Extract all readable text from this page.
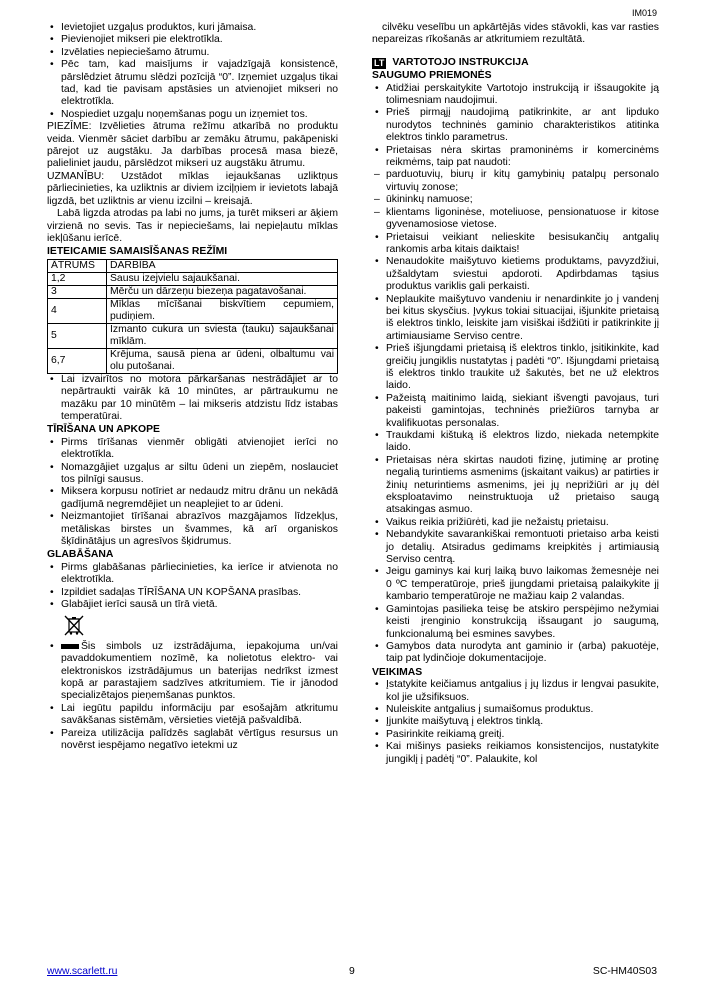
IM019

• Ievietojiet uzgaļus produktos, kuri jāmaisa.

• Pievienojiet mikseri pie elektrotīkla.

• Izvēlaties nepieciešamo ātrumu.

• Pēc tam, kad maisījums ir vajadzīgajā konsistencē, pārslēdziet ātrumu slēdzi pozīcijā “0”. Izņemiet uzgaļus tikai tad, kad tie pavisam apstāsies un atvienojiet mikseri no elektrotīkla.

• Nospiediet uzgaļu noņemšanas pogu un izņemiet tos.

PIEZĪME: Izvēlieties ātruma režīmu atkarībā no produktu veida. Vienmēr sāciet darbību ar zemāku ātrumu, pakāpeniski pārejot uz augstāku. Ja darbības procesā masa biezē, palieliniet jaudu, pārslēdzot mikseri uz augstāku ātrumu.

UZMANĪBU: Uzstādot mīklas iejaukšanas uzliktņus pārliecinieties, ka uzliktnis ar diviem izciļņiem ir ievietots labajā ligzdā, bet uzliktnis ar vienu izcilni – kreisajā.

Labā ligzda atrodas pa labi no jums, ja turēt mikseri ar āķiem virzienā no sevis. Tas ir nepieciešams, lai nepieļautu mīklas iekļūšanu ierīcē.

IETEICAMIE SAMAISĪŠANAS REŽĪMI
ĀTRUMS	DARBĪBA
1,2	Sausu izejvielu sajaukšanai.
3	Mērču un dārzeņu biezeņa pagatavošanai.
4	Mīklas mīcīšanai biskvītiem cepumiem, pudiņiem.
5	Izmanto cukura un sviesta (tauku) sajaukšanai mīklām.
6,7	Krējuma, sausā piena ar ūdeni, olbaltumu vai olu putošanai.

• Lai izvairītos no motora pārkaršanas nestrādājiet ar to nepārtraukti vairāk kā 10 minūtes, ar pārtraukumu ne mazāku par 10 minūtēm – lai mikseris atdzistu līdz istabas temperatūrai.

TĪRĪŠANA UN APKOPE

• Pirms tīrīšanas vienmēr obligāti atvienojiet ierīci no elektrotīkla.

• Nomazgājiet uzgaļus ar siltu ūdeni un ziepēm, noslauciet tos pilnīgi sausus.

• Miksera korpusu notīriet ar nedaudz mitru drānu un nekādā gadījumā negremdējiet un neaplejiet to ar ūdeni.

• Neizmantojiet tīrīšanai abrazīvos mazgājamos līdzekļus, metāliskas birstes un švammes, kā arī organiskos šķīdinātājus un agresīvos šķidrumus.

GLABĀŠANA

• Pirms glabāšanas pārliecinieties, ka ierīce ir atvienota no elektrotīkla.

• Izpildiet sadaļas TĪRĪŠANA UN KOPŠANA prasības.

• Glabājiet ierīci sausā un tīrā vietā.

• Šis simbols uz izstrādājuma, iepakojuma un/vai pavaddokumentiem nozīmē, ka nolietotus elektro- vai elektroniskos izstrādājumus un baterijas nedrīkst izmest kopā ar parastajiem sadzīves atkritumiem. Tie ir jānodod specializētajos pieņemšanas punktos.

• Lai iegūtu papildu informāciju par esošajām atkritumu savākšanas sistēmām, vērsieties vietējā pašvaldībā.

• Pareiza utilizācija palīdzēs saglabāt vērtīgus resursus un novērst iespējamo negatīvo ietekmi uz

cilvēku veselību un apkārtējās vides stāvokli, kas var rasties nepareizas rīkošanās ar atkritumiem rezultātā.

LT VARTOTOJO INSTRUKCIJA
SAUGUMO PRIEMONĖS

• Atidžiai perskaitykite Vartotojo instrukciją ir išsaugokite ją tolimesniam naudojimui.

• Prieš pirmąjį naudojimą patikrinkite, ar ant lipduko nurodytos techninės gaminio charakteristikos atitinka elektros tinklo parametrus.

• Prietaisas nėra skirtas pramoninėms ir komercinėms reikmėms, taip pat naudoti:

– parduotuvių, biurų ir kitų gamybinių patalpų personalo virtuvių zonose;

– ūkininkų namuose;

– klientams ligoninėse, moteliuose, pensionatuose ir kitose gyvenamosiose vietose.

• Prietaisui veikiant nelieskite besisukančių antgalių rankomis arba kitais daiktais!

• Nenaudokite maišytuvo kietiems produktams, pavyzdžiui, užšaldytam sviestui apdoroti. Apdirbdamas tąsius produktus variklis gali perkaisti.

• Neplaukite maišytuvo vandeniu ir nenardinkite jo į vandenį bei kitus skysčius. Įvykus tokiai situacijai, išjunkite prietaisą iš elektros tinklo, leiskite jam visiškai išdžiūti ir patikrinkite jį artimiausiame Serviso centre.

• Prieš išjungdami prietaisą iš elektros tinklo, įsitikinkite, kad greičių jungiklis nustatytas į padėti “0”. Išjungdami prietaisą iš elektros tinklo traukite už šakutės, bet ne už elektros laido.

• Pažeistą maitinimo laidą, siekiant išvengti pavojaus, turi pakeisti gamintojas, techninės priežiūros tarnyba ar kvalifikuotas personalas.

• Traukdami kištuką iš elektros lizdo, niekada netempkite laido.

• Prietaisas nėra skirtas naudoti fizinę, jutiminę ar protinę negalią turintiems asmenims (įskaitant vaikus) ar patirties ir žinių neturintiems asmenims, jei jų neprižiūri ar jų dėl eksploatavimo neinstruktuoja už prietaiso saugą atsakingas asmuo.

• Vaikus reikia prižiūrėti, kad jie nežaistų prietaisu.

• Nebandykite savarankiškai remontuoti prietaiso arba keisti jo detalių. Atsiradus gedimams kreipkitės į artimiausią Serviso centrą.

• Jeigu gaminys kai kurį laiką buvo laikomas žemesnėje nei 0 ºC temperatūroje, prieš įjungdami prietaisą palaikykite jį kambario temperatūroje ne mažiau kaip 2 valandas.

• Gamintojas pasilieka teisę be atskiro perspėjimo nežymiai keisti įrenginio konstrukciją išsaugant jo saugumą, funkcionalumą bei esmines savybes.

• Gamybos data nurodyta ant gaminio ir (arba) pakuotėje, taip pat lydinčioje dokumentacijoje.

VEIKIMAS

• Įstatykite keičiamus antgalius į jų lizdus ir lengvai pasukite, kol jie užsifiksuos.

• Nuleiskite antgalius į sumaišomus produktus.

• Įjunkite maišytuvą į elektros tinklą.

• Pasirinkite reikiamą greitį.

• Kai mišinys pasieks reikiamos konsistencijos, nustatykite jungiklį į padėtį “0”. Palaukite, kol

www.scarlett.ru	9	SC-HM40S03
